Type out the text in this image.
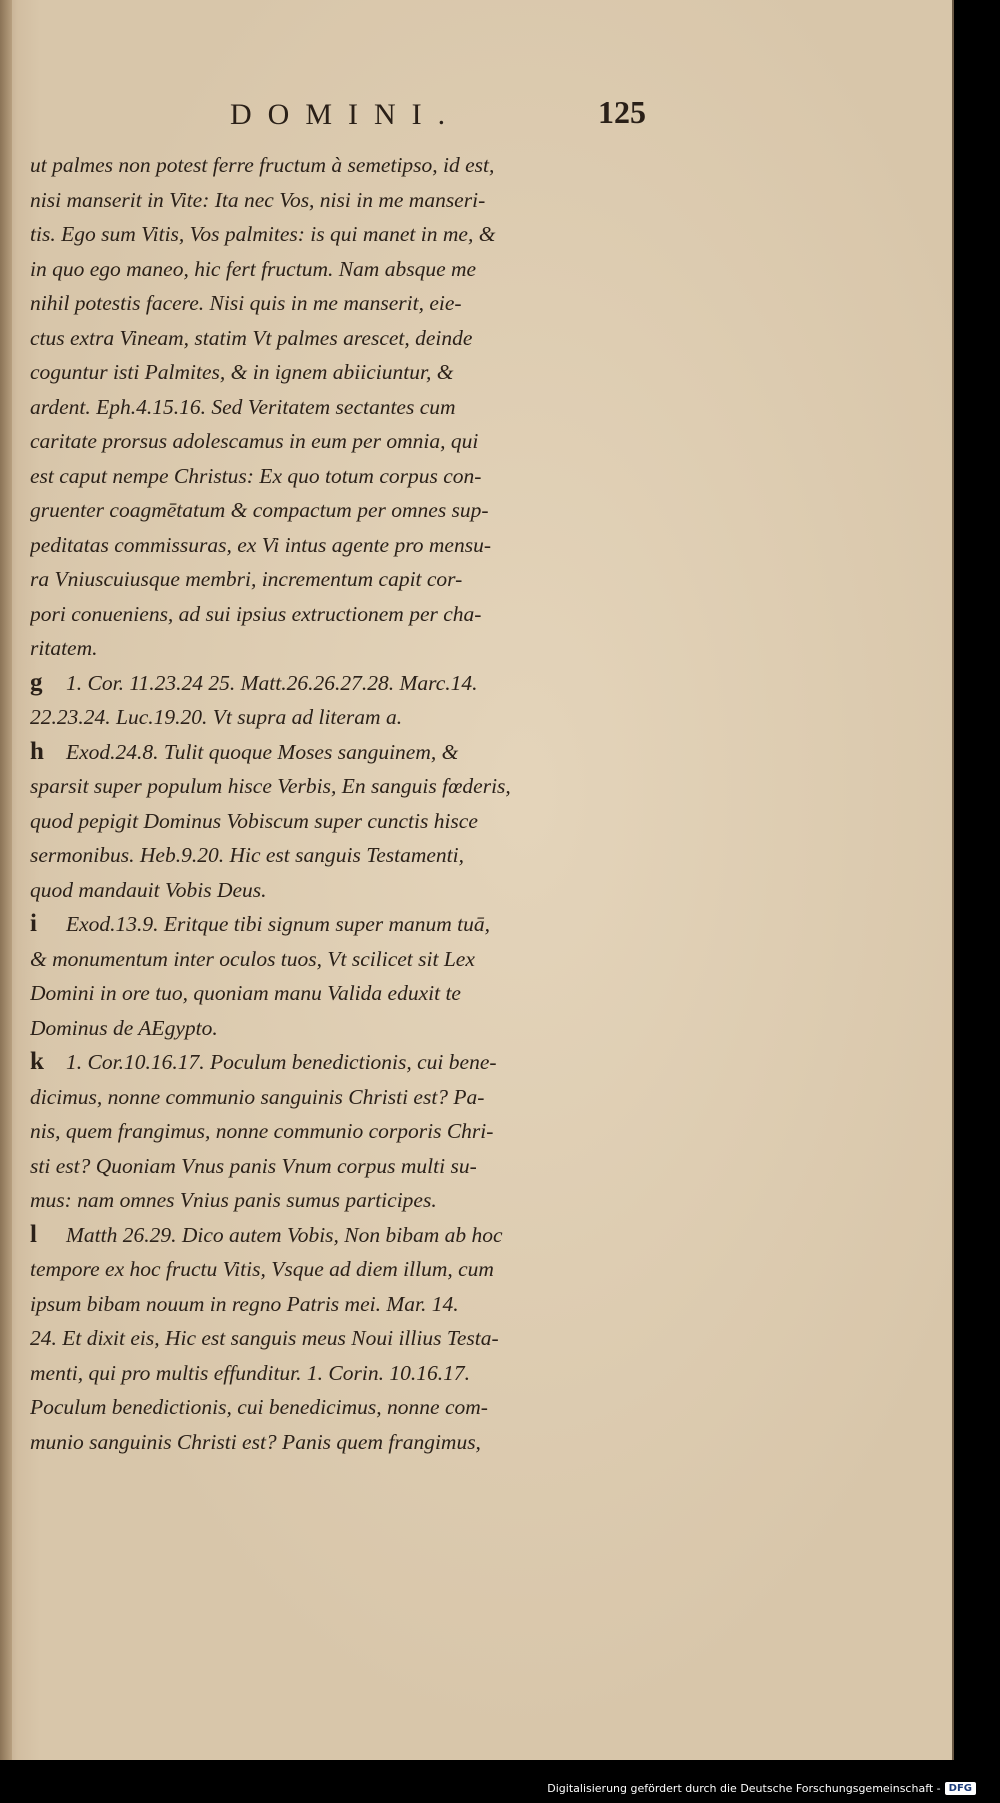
DOMINI.	125
ut palmes non potest ferre fructum à semetipso, id est,
nisi manserit in Vite: Ita nec Vos, nisi in me manseri-
tis. Ego sum Vitis, Vos palmites: is qui manet in me, &
in quo ego maneo, hic fert fructum. Nam absque me
nihil potestis facere. Nisi quis in me manserit, eie-
ctus extra Vineam, statim Vt palmes arescet, deinde
coguntur isti Palmites, & in ignem abiiciuntur, &
ardent. Eph.4.15.16. Sed Veritatem sectantes cum
caritate prorsus adolescamus in eum per omnia, qui
est caput nempe Christus: Ex quo totum corpus con-
gruenter coagmētatum & compactum per omnes sup-
peditatas commissuras, ex Vi intus agente pro mensu-
ra Vniuscuiusque membri, incrementum capit cor-
pori conueniens, ad sui ipsius extructionem per cha-
ritatem.
g	1. Cor. 11.23.24 25. Matt.26.26.27.28. Marc.14.
22.23.24. Luc.19.20. Vt supra ad literam a.
h	Exod.24.8. Tulit quoque Moses sanguinem, &
sparsit super populum hisce Verbis, En sanguis fœderis,
quod pepigit Dominus Vobiscum super cunctis hisce
sermonibus. Heb.9.20. Hic est sanguis Testamenti,
quod mandauit Vobis Deus.
i	Exod.13.9. Eritque tibi signum super manum tuā,
& monumentum inter oculos tuos, Vt scilicet sit Lex
Domini in ore tuo, quoniam manu Valida eduxit te
Dominus de AEgypto.
k	1. Cor.10.16.17. Poculum benedictionis, cui bene-
dicimus, nonne communio sanguinis Christi est? Pa-
nis, quem frangimus, nonne communio corporis Chri-
sti est? Quoniam Vnus panis Vnum corpus multi su-
mus: nam omnes Vnius panis sumus participes.
l	Matth 26.29. Dico autem Vobis, Non bibam ab hoc
tempore ex hoc fructu Vitis, Vsque ad diem illum, cum
ipsum bibam nouum in regno Patris mei. Mar. 14.
24. Et dixit eis, Hic est sanguis meus Noui illius Testa-
menti, qui pro multis effunditur. 1. Corin. 10.16.17.
Poculum benedictionis, cui benedicimus, nonne com-
munio sanguinis Christi est? Panis quem frangimus,
Digitalisierung gefördert durch die Deutsche Forschungsgemeinschaft - DFG
